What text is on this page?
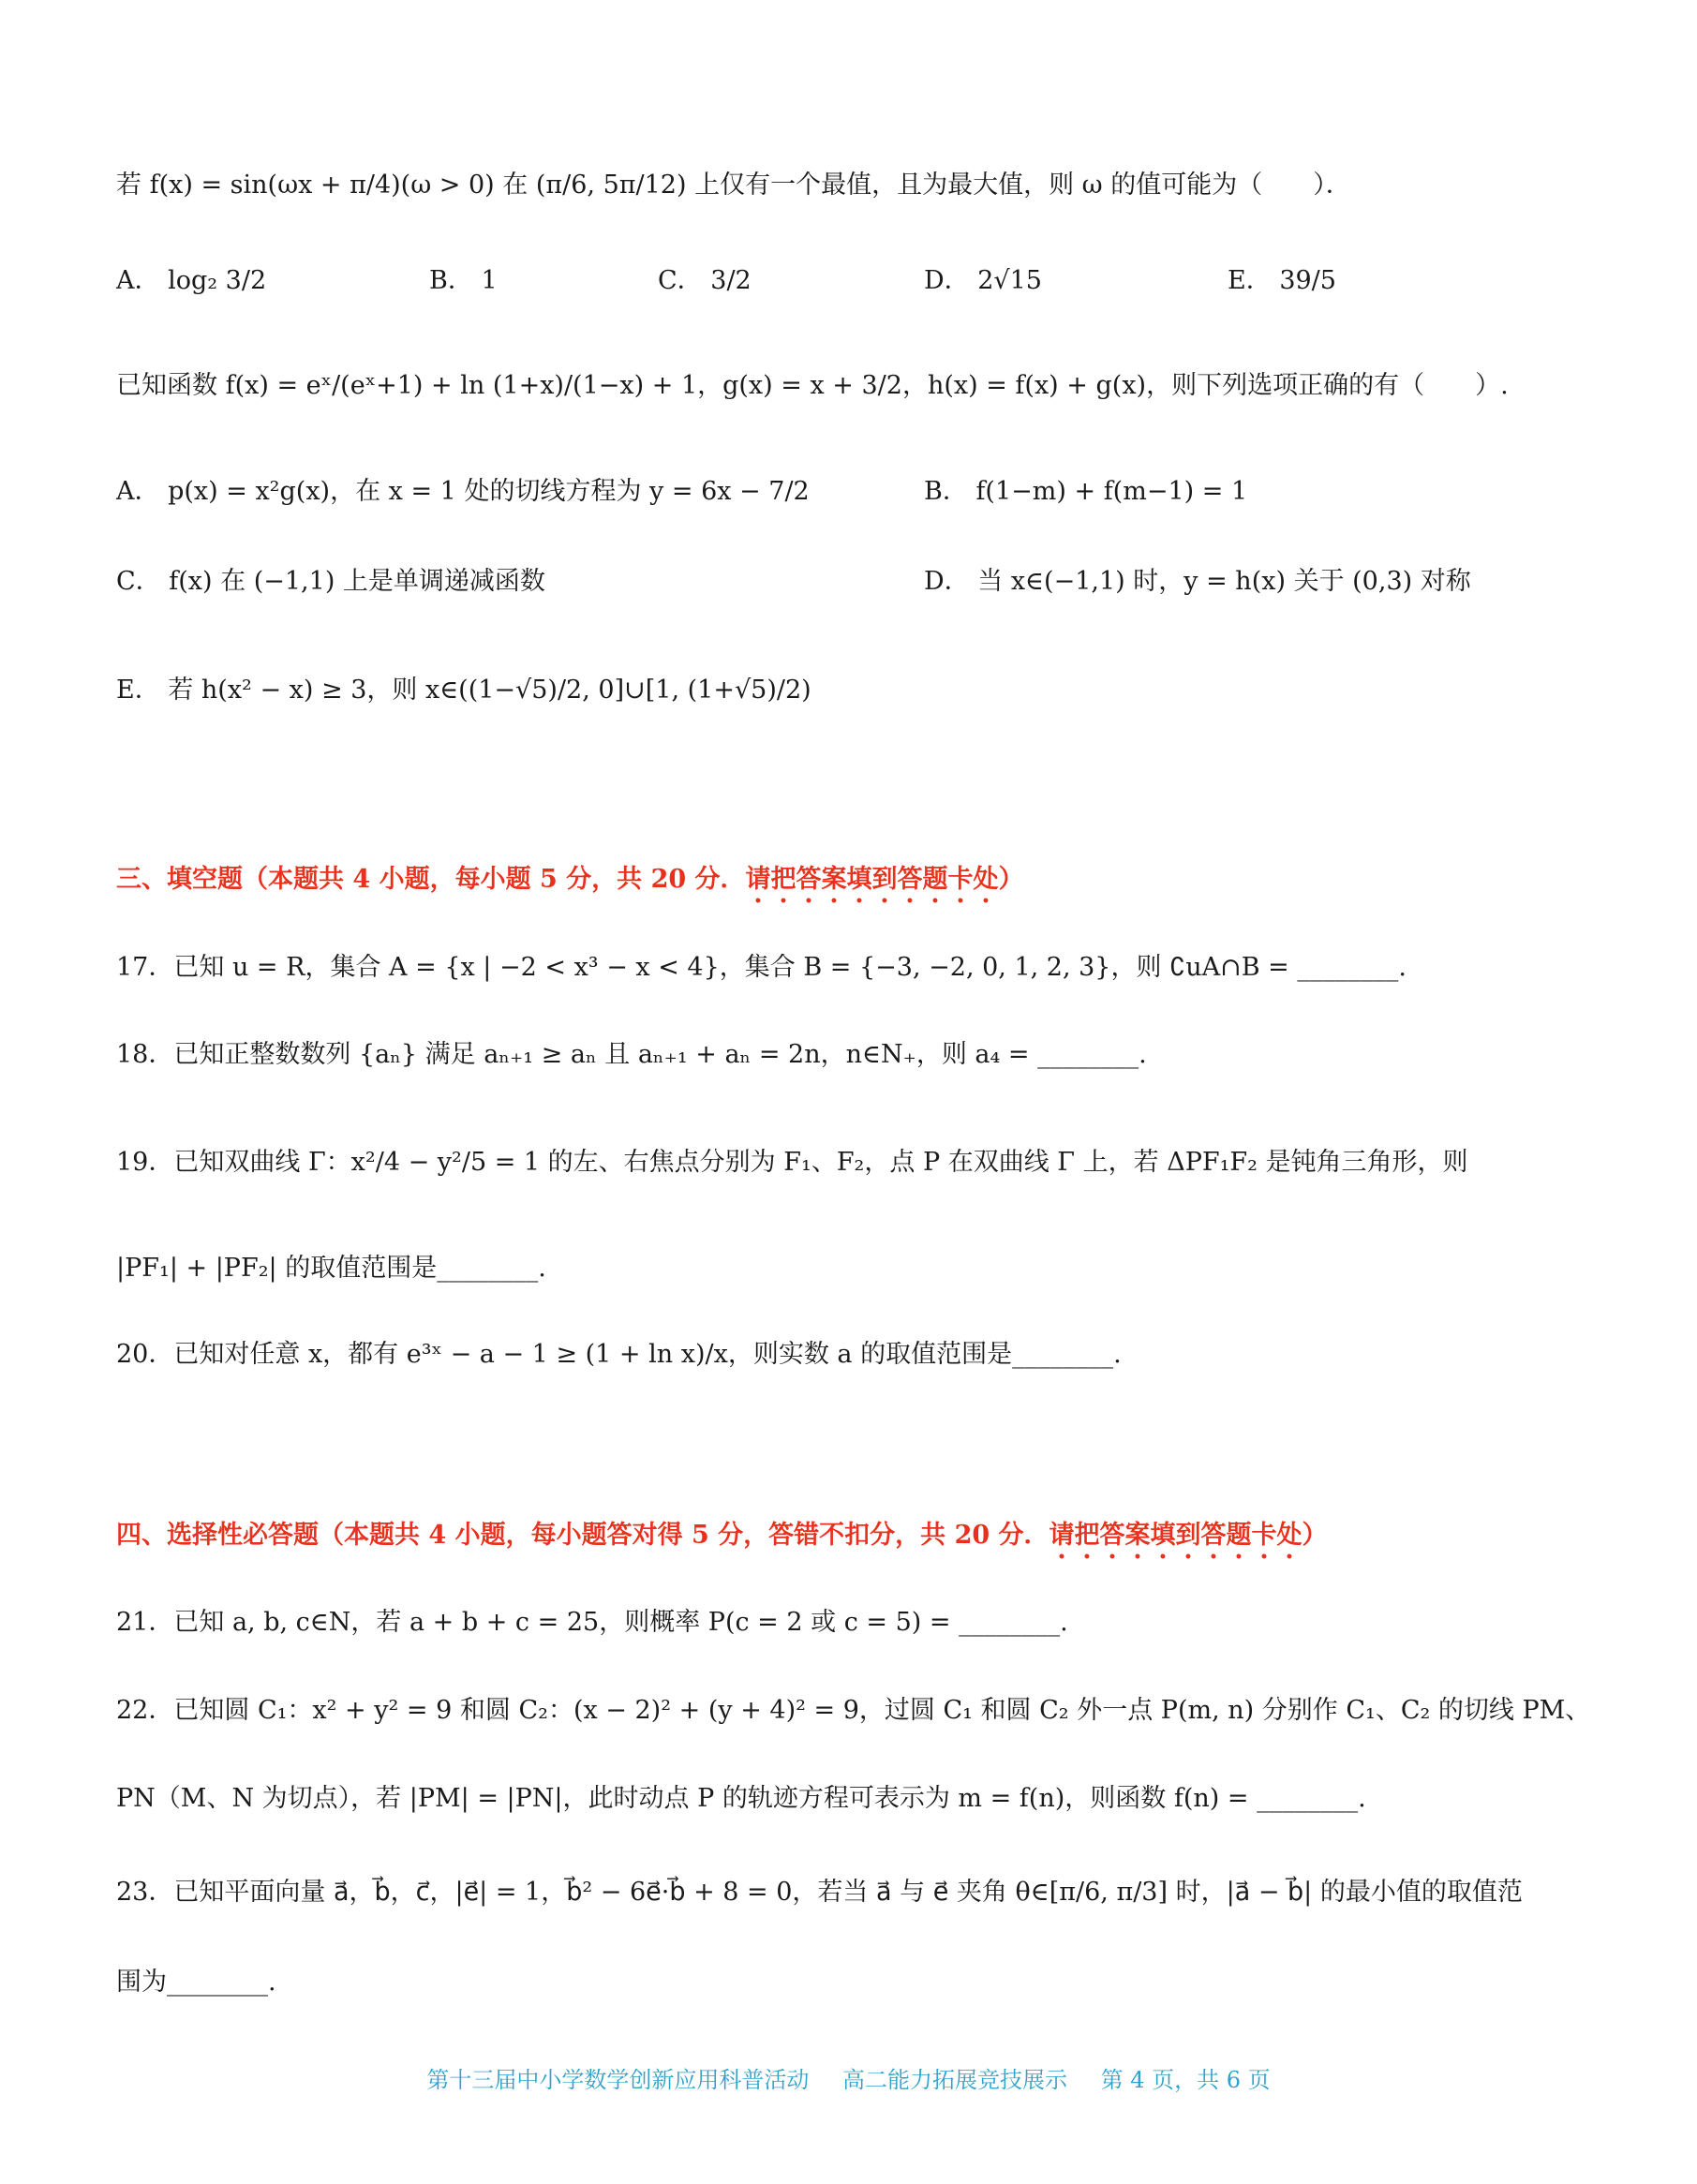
若 f(x) = sin(ωx + π/4)(ω > 0) 在 (π/6, 5π/12) 上仅有一个最值，且为最大值，则 ω 的值可能为（　　）．
A． log₂ 3/2	B． 1	C． 3/2	D． 2√15	E． 39/5
已知函数 f(x) = eˣ/(eˣ+1) + ln (1+x)/(1−x) + 1，g(x) = x + 3/2，h(x) = f(x) + g(x)，则下列选项正确的有（　　）.
A． p(x) = x²g(x)，在 x = 1 处的切线方程为 y = 6x − 7/2	B． f(1−m) + f(m−1) = 1
C． f(x) 在 (−1,1) 上是单调递减函数	D． 当 x∈(−1,1) 时，y = h(x) 关于 (0,3) 对称
E． 若 h(x² − x) ≥ 3，则 x∈((1−√5)/2, 0]∪[1, (1+√5)/2)
三、填空题（本题共 4 小题，每小题 5 分，共 20 分．请把答案填到答题卡处）
17．已知 u = R，集合 A = {x | −2 < x³ − x < 4}，集合 B = {−3, −2, 0, 1, 2, 3}，则 ∁uA∩B = ________.
18．已知正整数数列 {aₙ} 满足 aₙ₊₁ ≥ aₙ 且 aₙ₊₁ + aₙ = 2n，n∈N₊，则 a₄ = ________.
19．已知双曲线 Γ：x²/4 − y²/5 = 1 的左、右焦点分别为 F₁、F₂，点 P 在双曲线 Γ 上，若 ΔPF₁F₂ 是钝角三角形，则
|PF₁| + |PF₂| 的取值范围是________.
20．已知对任意 x，都有 e³ˣ − a − 1 ≥ (1 + ln x)/x，则实数 a 的取值范围是________.
四、选择性必答题（本题共 4 小题，每小题答对得 5 分，答错不扣分，共 20 分．请把答案填到答题卡处）
21．已知 a, b, c∈N，若 a + b + c = 25，则概率 P(c = 2 或 c = 5) = ________.
22．已知圆 C₁：x² + y² = 9 和圆 C₂：(x − 2)² + (y + 4)² = 9，过圆 C₁ 和圆 C₂ 外一点 P(m, n) 分别作 C₁、C₂ 的切线 PM、
PN（M、N 为切点），若 |PM| = |PN|，此时动点 P 的轨迹方程可表示为 m = f(n)，则函数 f(n) = ________.
23．已知平面向量 a⃗，b⃗，c⃗，|e⃗| = 1，b⃗² − 6e⃗·b⃗ + 8 = 0，若当 a⃗ 与 e⃗ 夹角 θ∈[π/6, π/3] 时，|a⃗ − b⃗| 的最小值的取值范
围为________.
第十三届中小学数学创新应用科普活动 高二能力拓展竞技展示 第 4 页，共 6 页
